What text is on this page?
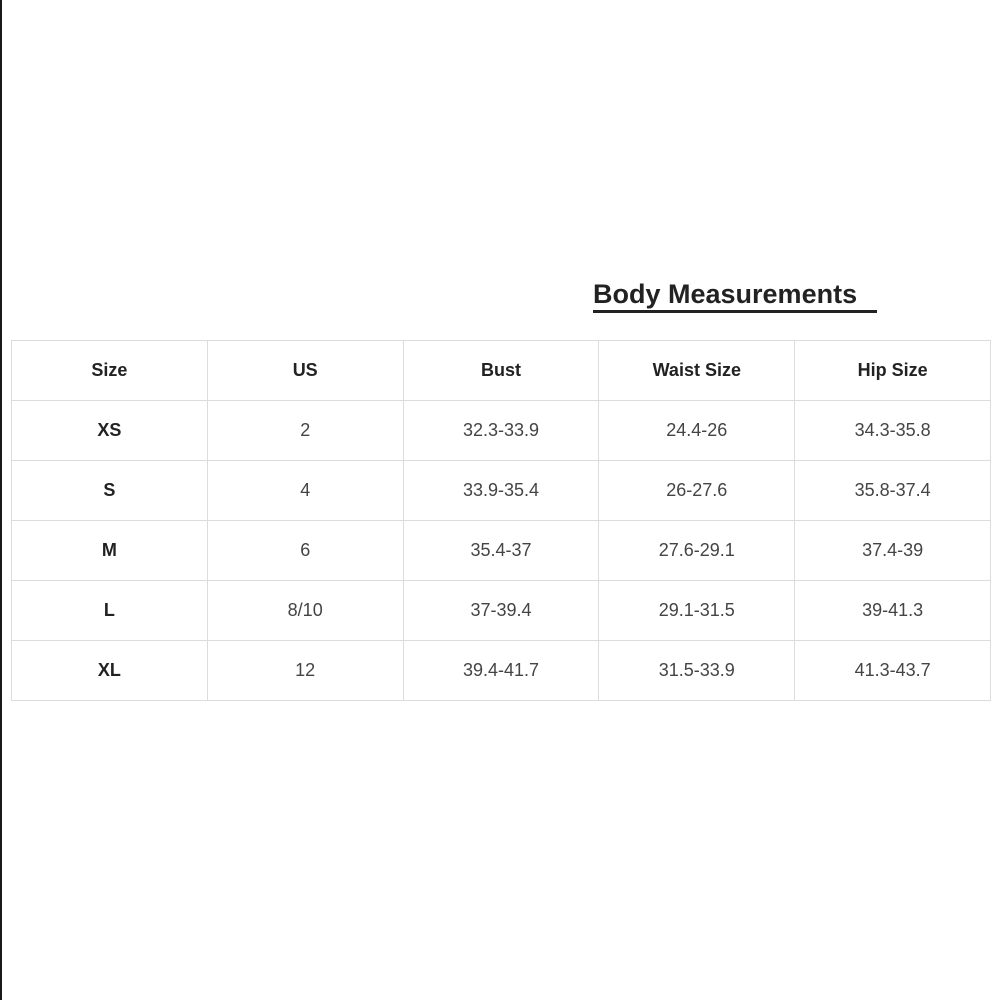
Body Measurements
Size	US	Bust	Waist Size	Hip Size
XS	2	32.3-33.9	24.4-26	34.3-35.8
S	4	33.9-35.4	26-27.6	35.8-37.4
M	6	35.4-37	27.6-29.1	37.4-39
L	8/10	37-39.4	29.1-31.5	39-41.3
XL	12	39.4-41.7	31.5-33.9	41.3-43.7
